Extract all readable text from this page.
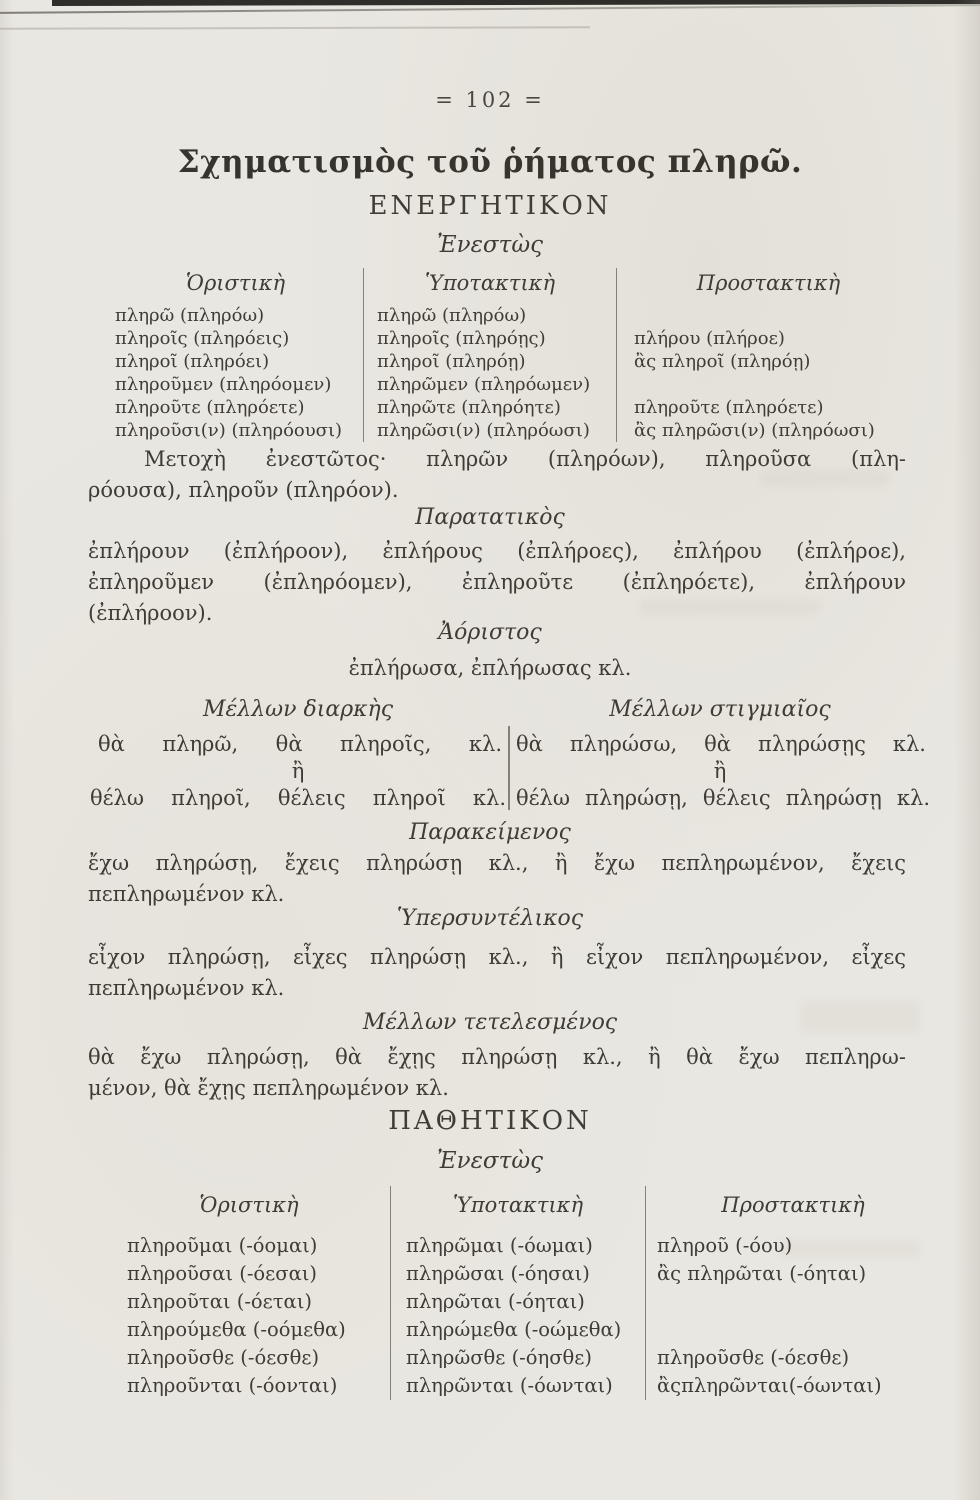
= 102 =
Σχηματισμὸς τοῦ ῥήματος πληρῶ.
ΕΝΕΡΓΗΤΙΚΟΝ
Ἐνεστὼς
Ὁριστικὴ	Ὑποτακτικὴ	Προστακτικὴ
πληρῶ (πληρόω)	πληρῶ (πληρόω)
πληροῖς (πληρόεις)	πληροῖς (πληρόῃς)	πλήρου (πλήροε)
πληροῖ (πληρόει)	πληροῖ (πληρόῃ)	ἂς πληροῖ (πληρόῃ)
πληροῦμεν (πληρόομεν)	πληρῶμεν (πληρόωμεν)
πληροῦτε (πληρόετε)	πληρῶτε (πληρόητε)	πληροῦτε (πληρόετε)
πληροῦσι(ν) (πληρόουσι)	πληρῶσι(ν) (πληρόωσι)	ἂς πληρῶσι(ν) (πληρόωσι)
Μετοχὴ ἐνεστῶτος· πληρῶν (πληρόων), πληροῦσα (πλη-
ρόουσα), πληροῦν (πληρόον).
Παρατατικὸς
ἐπλήρουν (ἐπλήροον), ἐπλήρους (ἐπλήροες), ἐπλήρου (ἐπλήροε),
ἐπληροῦμεν (ἐπληρόομεν), ἐπληροῦτε (ἐπληρόετε), ἐπλήρουν
(ἐπλήροον).
Ἀόριστος
ἐπλήρωσα, ἐπλήρωσας κλ.
Μέλλων διαρκὴς
θὰ πληρῶ, θὰ πληροῖς, κλ.
ἢ
θέλω πληροῖ, θέλεις πληροῖ κλ.
Μέλλων στιγμιαῖος
θὰ πληρώσω, θὰ πληρώσῃς κλ.
ἢ
θέλω πληρώσῃ, θέλεις πληρώσῃ κλ.
Παρακείμενος
ἔχω πληρώσῃ, ἔχεις πληρώσῃ κλ., ἢ ἔχω πεπληρωμένον, ἔχεις
πεπληρωμένον κλ.
Ὑπερσυντέλικος
εἶχον πληρώσῃ, εἶχες πληρώσῃ κλ., ἢ εἶχον πεπληρωμένον, εἶχες
πεπληρωμένον κλ.
Μέλλων τετελεσμένος
θὰ ἔχω πληρώσῃ, θὰ ἔχῃς πληρώσῃ κλ., ἢ θὰ ἔχω πεπληρω-
μένον, θὰ ἔχῃς πεπληρωμένον κλ.
ΠΑΘΗΤΙΚΟΝ
Ἐνεστὼς
Ὁριστικὴ	Ὑποτακτικὴ	Προστακτικὴ
πληροῦμαι (-όομαι)	πληρῶμαι (-όωμαι)	πληροῦ (-όου)
πληροῦσαι (-όεσαι)	πληρῶσαι (-όησαι)	ἂς πληρῶται (-όηται)
πληροῦται (-όεται)	πληρῶται (-όηται)
πληρούμεθα (-οόμεθα)	πληρώμεθα (-οώμεθα)
πληροῦσθε (-όεσθε)	πληρῶσθε (-όησθε)	πληροῦσθε (-όεσθε)
πληροῦνται (-όονται)	πληρῶνται (-όωνται)	ἂςπληρῶνται(-όωνται)
